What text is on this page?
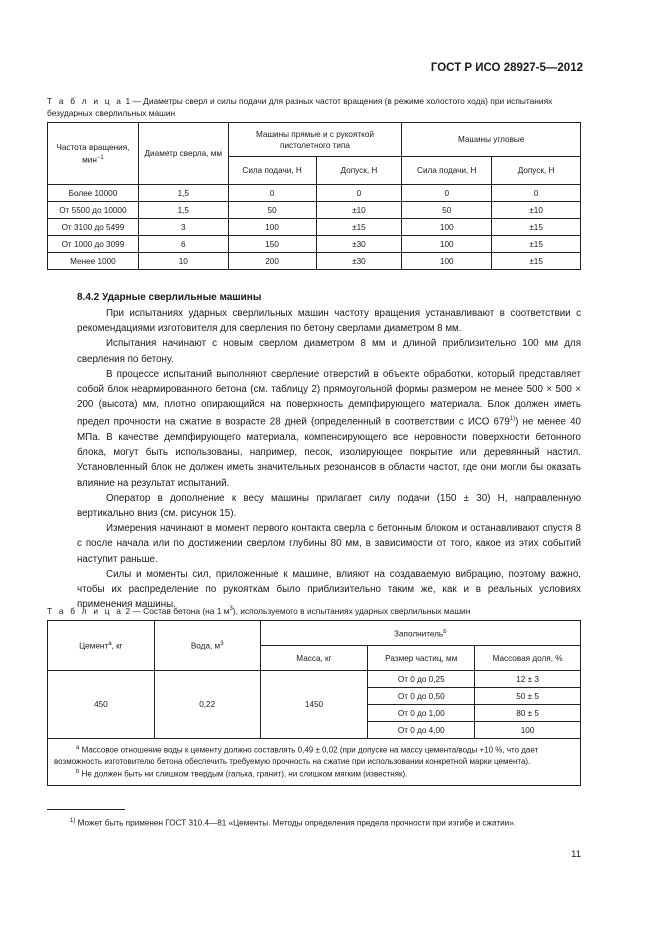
ГОСТ Р ИСО 28927-5—2012
Т а б л и ц а 1 — Диаметры сверл и силы подачи для разных частот вращения (в режиме холостого хода) при испытаниях безударных сверлильных машин
Частота вращения, мин$^{-1}$	Диаметр сверла, мм	Машины прямые и с рукояткой пистолетного типа		Машины угловые	
		Сила подачи, Н	Допуск, Н	Сила подачи, Н	Допуск, Н
Более 10000	1,5	0	0	0	0
От 5500 до 10000	1,5	50	±10	50	±10
От 3100 до 5499	3	100	±15	100	±15
От 1000 до 3099	6	150	±30	100	±15
Менее 1000	10	200	±30	100	±15
8.4.2 Ударные сверлильные машины

При испытаниях ударных сверлильных машин частоту вращения устанавливают в соответствии с рекомендациями изготовителя для сверления по бетону сверлами диаметром 8 мм.

Испытания начинают с новым сверлом диаметром 8 мм и длиной приблизительно 100 мм для сверления по бетону.

В процессе испытаний выполняют сверление отверстий в объекте обработки, который представляет собой блок неармированного бетона (см. таблицу 2) прямоугольной формы размером не менее 500 × 500 × 200 (высота) мм, плотно опирающийся на поверхность демпфирующего материала. Блок должен иметь предел прочности на сжатие в возрасте 28 дней (определенный в соответствии с ИСО 679$^{1)}$) не менее 40 МПа. В качестве демпфирующего материала, компенсирующего все неровности поверхности бетонного блока, могут быть использованы, например, песок, изолирующее покрытие или деревянный настил. Установленный блок не должен иметь значительных резонансов в области частот, где они могли бы оказать влияние на результат испытаний.

Оператор в дополнение к весу машины прилагает силу подачи (150 ± 30) Н, направленную вертикально вниз (см. рисунок 15).

Измерения начинают в момент первого контакта сверла с бетонным блоком и останавливают спустя 8 с после начала или по достижении сверлом глубины 80 мм, в зависимости от того, какое из этих событий наступит раньше.

Силы и моменты сил, приложенные к машине, влияют на создаваемую вибрацию, поэтому важно, чтобы их распределение по рукояткам было приблизительно таким же, как и в реальных условиях применения машины.

Т а б л и ц а 2 — Состав бетона (на 1 $м^3$), используемого в испытаниях ударных сверлильных машин
Цемент$^а$, кг	Вода, $м^3$	Заполнитель$^b$
		Масса, кг	Размер частиц, мм	Массовая доля, %
450	0,22	1450	От 0 до 0,25	12 ± 3
			От 0 до 0,50	50 ± 5
			От 0 до 1,00	80 ± 5
			От 0 до 4,00	100

$^а$ Массовое отношение воды к цементу должно составлять 0,49 ± 0,02 (при допуске на массу цемента/воды +10 %, что дает возможность изготовителю бетона обеспечить требуемую прочность на сжатие при использовании конкретной марки цемента).
$^b$ Не должен быть ни слишком твердым (галька, гранит), ни слишком мягким (известняк).				
$^{1)}$ Может быть применен ГОСТ 310.4—81 «Цементы. Методы определения предела прочности при изгибе и сжатии».
11
